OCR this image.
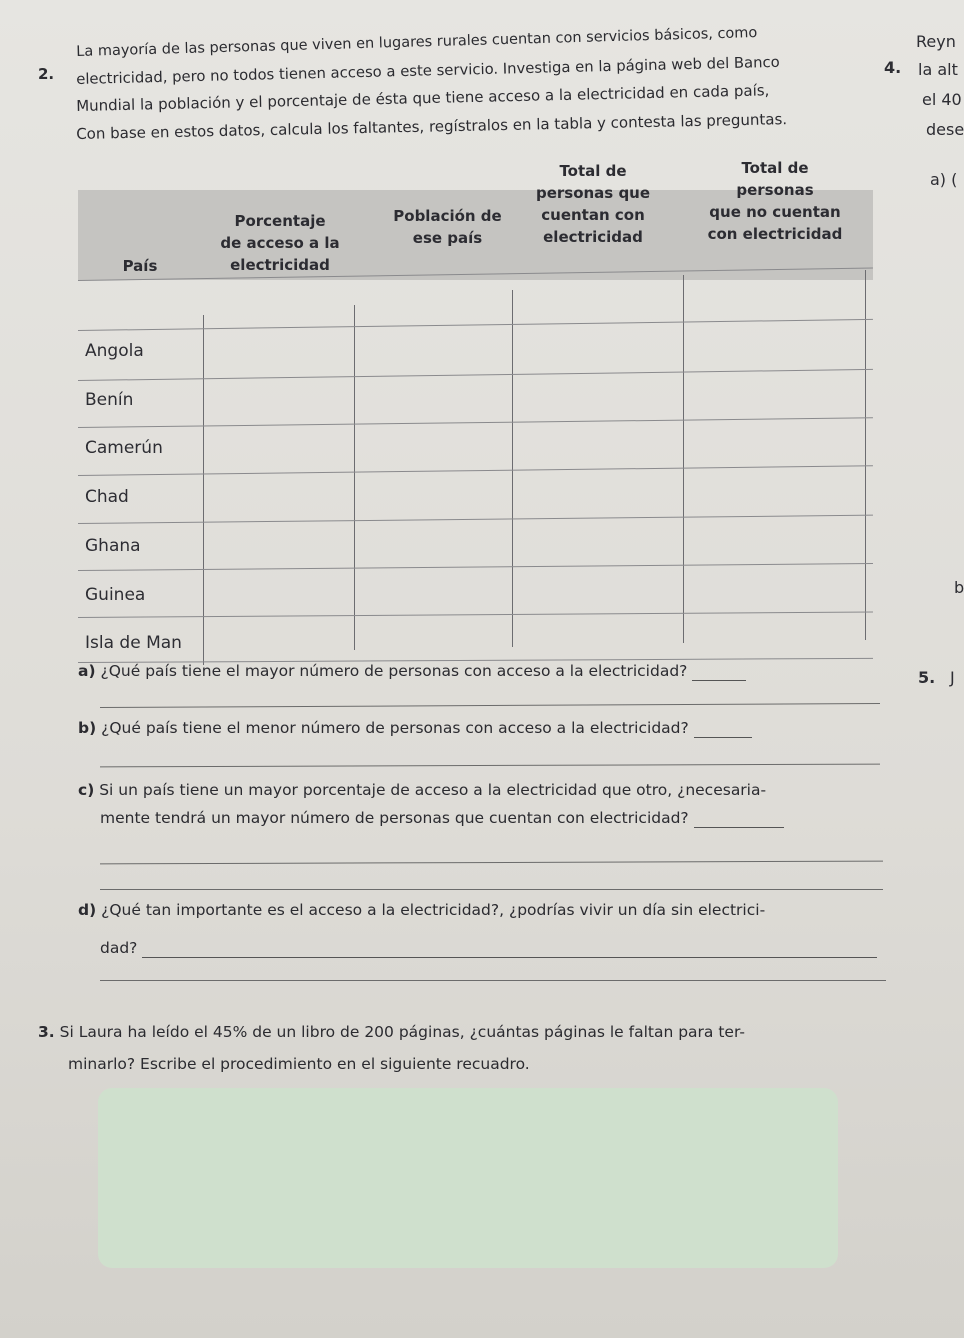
2.
La mayoría de las personas que viven en lugares rurales cuentan con servicios básicos, como
electricidad, pero no todos tienen acceso a este servicio. Investiga en la página web del Banco
Mundial la población y el porcentaje de ésta que tiene acceso a la electricidad en cada país,
Con base en estos datos, calcula los faltantes, regístralos en la tabla y contesta las preguntas.
País
Porcentaje
de acceso a la
electricidad
Población de
ese país
Total de
personas que
cuentan con
electricidad
Total de
personas
que no cuentan
con electricidad
Angola
Benín
Camerún
Chad
Ghana
Guinea
Isla de Man
a) ¿Qué país tiene el mayor número de personas con acceso a la electricidad?
b) ¿Qué país tiene el menor número de personas con acceso a la electricidad?
c) Si un país tiene un mayor porcentaje de acceso a la electricidad que otro, ¿necesaria-
mente tendrá un mayor número de personas que cuentan con electricidad?
d) ¿Qué tan importante es el acceso a la electricidad?, ¿podrías vivir un día sin electrici-
dad?
3. Si Laura ha leído el 45% de un libro de 200 páginas, ¿cuántas páginas le faltan para ter-
minarlo? Escribe el procedimiento en el siguiente recuadro.
4.
Reyn
la alt
el 40
dese
a) (
b
5. J
